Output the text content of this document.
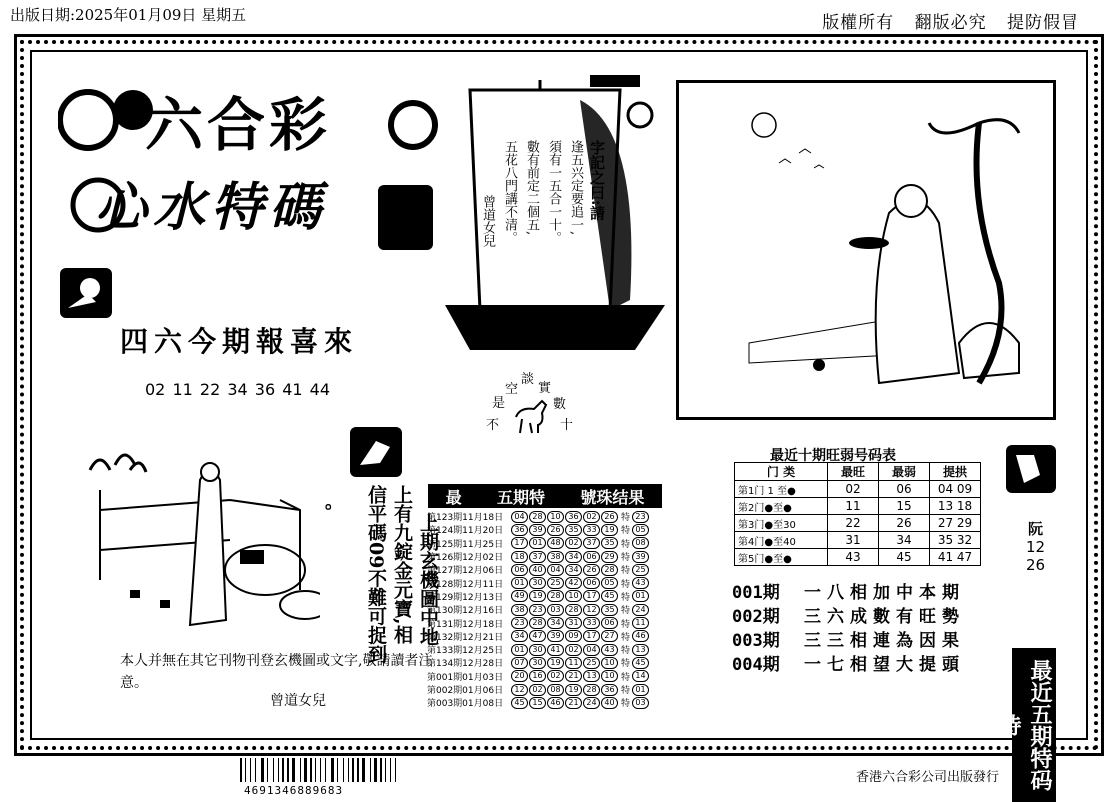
出版日期:2025年01月09日 星期五	版權所有 翻版必究 提防假冒
六合彩
心水特碼
四六今期報喜來
02 11 22 34 36 41 44
曾道女兒 五花八門講不清。 數有前定二個五, 須有一五合一十。 逢五兴定要追一, 字記之曰:請
談
空 實
是	數
不	十
信平碼09不難可捉到 上有九錠金元寶,相 上期玄機圖中地
。
本人并無在其它刊物刊登玄機圖或文字,敬請讀者注意。
曾道女兒
最 五期特 號珠结果
第123期11月18日	04 28 10 36 02 26 特 23
第124期11月20日	36 39 26 35 33 19 特 05
第125期11月25日	17 01 48 02 37 35 特 08
第126期12月02日	18 37 38 34 06 29 特 39
第127期12月06日	06 40 04 34 26 28 特 25
第128期12月11日	01 30 25 42 06 05 特 43
第129期12月13日	49 19 28 10 17 45 特 01
第130期12月16日	38 23 03 28 12 35 特 24
第131期12月18日	23 28 34 31 33 06 特 11
第132期12月21日	34 47 39 09 17 27 特 46
第133期12月25日	01 30 41 02 04 43 特 13
第134期12月28日	07 30 19 11 25 10 特 45
第001期01月03日	20 16 02 21 13 10 特 14
第002期01月06日	12 02 08 19 28 36 特 01
第003期01月08日	45 15 46 21 24 40 特 03
最近十期旺弱号码表
门 类	最旺	最弱	提拱
第1门 1 至●	02	06	04 09
第2门●至●	11	15	13 18
第3门●至30	22	26	27 29
第4门●至40	31	34	35 32
第5门●至●	43	45	41 47
001期 一八相加中本期
002期 三六成數有旺勢
003期 三三相連為因果
004期 一七相望大提頭
阮
12
26
最近五期特码诗
4691346889683
香港六合彩公司出版發行
